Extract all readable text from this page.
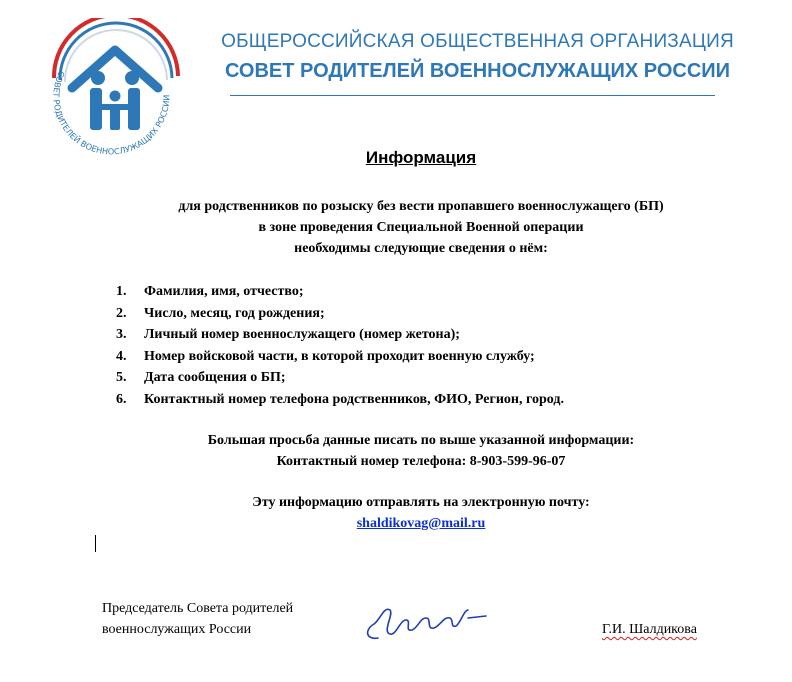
СОВЕТ РОДИТЕЛЕЙ ВОЕННОСЛУЖАЩИХ РОССИИ
ОБЩЕРОССИЙСКАЯ ОБЩЕСТВЕННАЯ ОРГАНИЗАЦИЯ
СОВЕТ РОДИТЕЛЕЙ ВОЕННОСЛУЖАЩИХ РОССИИ
Информация
для родственников по розыску без вести пропавшего военнослужащего (БП)
в зоне проведения Специальной Военной операции
необходимы следующие сведения о нём:
1.	Фамилия, имя, отчество;
2.	Число, месяц, год рождения;
3.	Личный номер военнослужащего (номер жетона);
4.	Номер войсковой части, в которой проходит военную службу;
5.	Дата сообщения о БП;
6.	Контактный номер телефона родственников, ФИО, Регион, город.
Большая просьба данные писать по выше указанной информации:
Контактный номер телефона: 8-903-599-96-07
Эту информацию отправлять на электронную почту:
shaldikovag@mail.ru
Председатель Совета родителей
военнослужащих России	Г.И. Шалдикова
